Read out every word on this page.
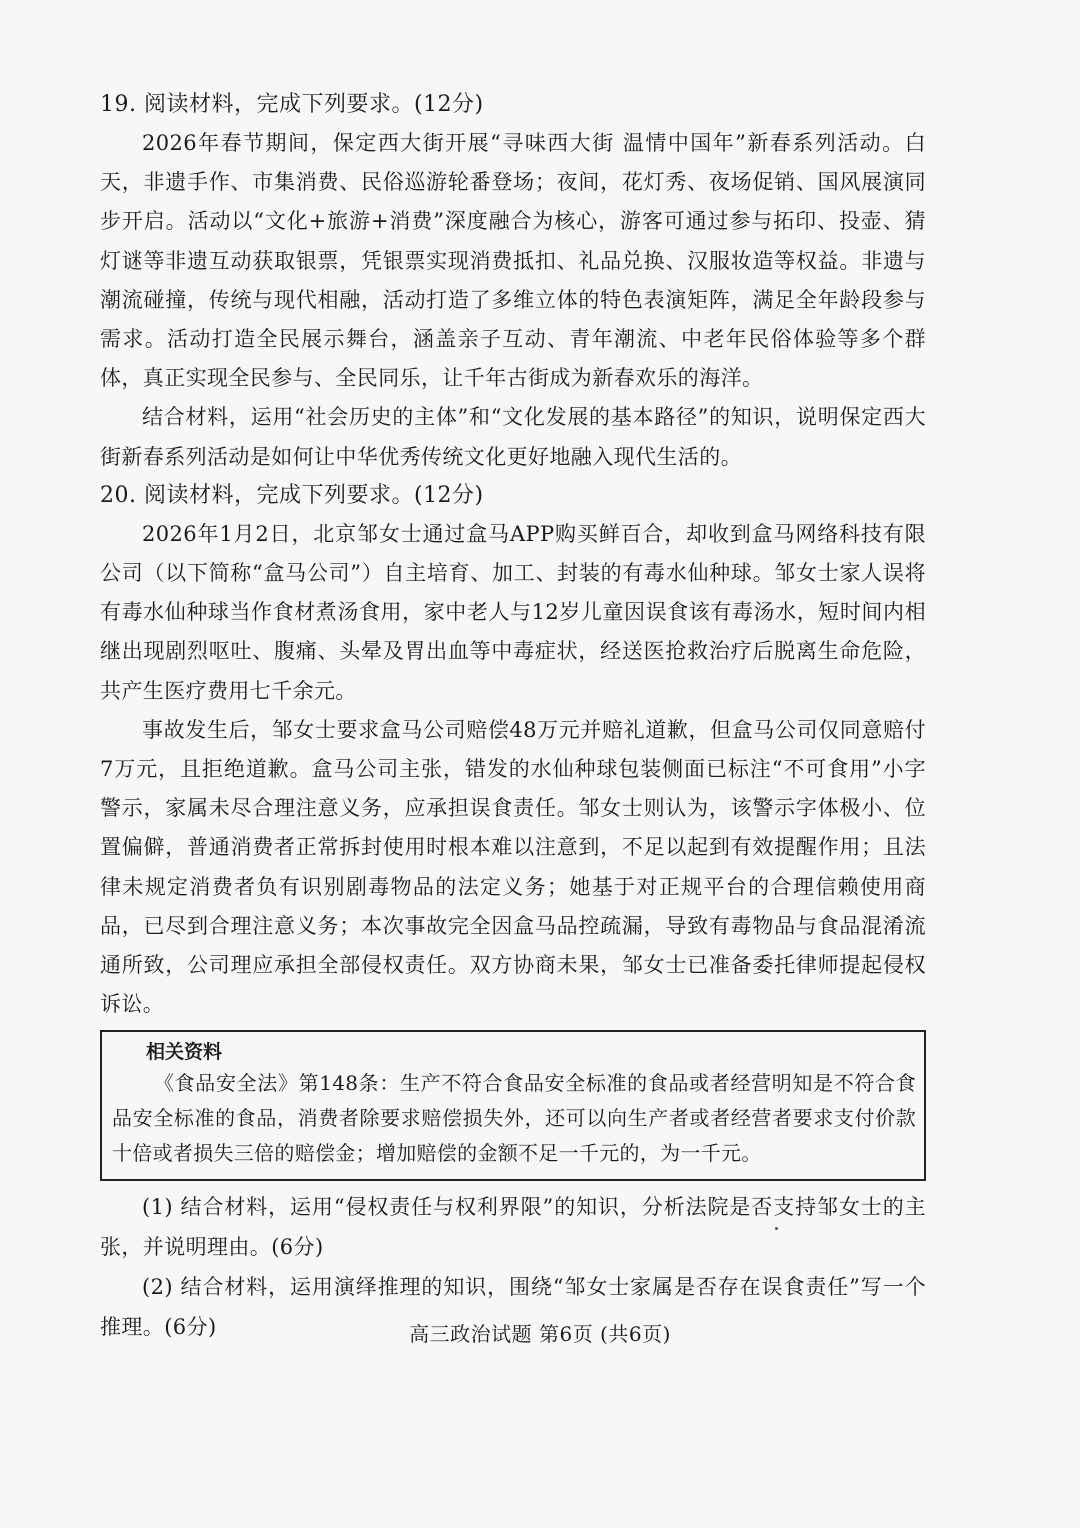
19. 阅读材料，完成下列要求。(12分)

2026年春节期间，保定西大街开展“寻味西大街 温情中国年”新春系列活动。白天，非遗手作、市集消费、民俗巡游轮番登场；夜间，花灯秀、夜场促销、国风展演同步开启。活动以“文化+旅游+消费”深度融合为核心，游客可通过参与拓印、投壶、猜灯谜等非遗互动获取银票，凭银票实现消费抵扣、礼品兑换、汉服妆造等权益。非遗与潮流碰撞，传统与现代相融，活动打造了多维立体的特色表演矩阵，满足全年龄段参与需求。活动打造全民展示舞台，涵盖亲子互动、青年潮流、中老年民俗体验等多个群体，真正实现全民参与、全民同乐，让千年古街成为新春欢乐的海洋。

结合材料，运用“社会历史的主体”和“文化发展的基本路径”的知识，说明保定西大街新春系列活动是如何让中华优秀传统文化更好地融入现代生活的。

20. 阅读材料，完成下列要求。(12分)

2026年1月2日，北京邹女士通过盒马APP购买鲜百合，却收到盒马网络科技有限公司（以下简称“盒马公司”）自主培育、加工、封装的有毒水仙种球。邹女士家人误将有毒水仙种球当作食材煮汤食用，家中老人与12岁儿童因误食该有毒汤水，短时间内相继出现剧烈呕吐、腹痛、头晕及胃出血等中毒症状，经送医抢救治疗后脱离生命危险，共产生医疗费用七千余元。

事故发生后，邹女士要求盒马公司赔偿48万元并赔礼道歉，但盒马公司仅同意赔付7万元，且拒绝道歉。盒马公司主张，错发的水仙种球包装侧面已标注“不可食用”小字警示，家属未尽合理注意义务，应承担误食责任。邹女士则认为，该警示字体极小、位置偏僻，普通消费者正常拆封使用时根本难以注意到，不足以起到有效提醒作用；且法律未规定消费者负有识别剧毒物品的法定义务；她基于对正规平台的合理信赖使用商品，已尽到合理注意义务；本次事故完全因盒马品控疏漏，导致有毒物品与食品混淆流通所致，公司理应承担全部侵权责任。双方协商未果，邹女士已准备委托律师提起侵权诉讼。

相关资料

《食品安全法》第148条：生产不符合食品安全标准的食品或者经营明知是不符合食品安全标准的食品，消费者除要求赔偿损失外，还可以向生产者或者经营者要求支付价款十倍或者损失三倍的赔偿金；增加赔偿的金额不足一千元的，为一千元。

(1) 结合材料，运用“侵权责任与权利界限”的知识，分析法院是否支持邹女士的主张，并说明理由。(6分)

(2) 结合材料，运用演绎推理的知识，围绕“邹女士家属是否存在误食责任”写一个推理。(6分)	高三政治试题 第6页 (共6页)
